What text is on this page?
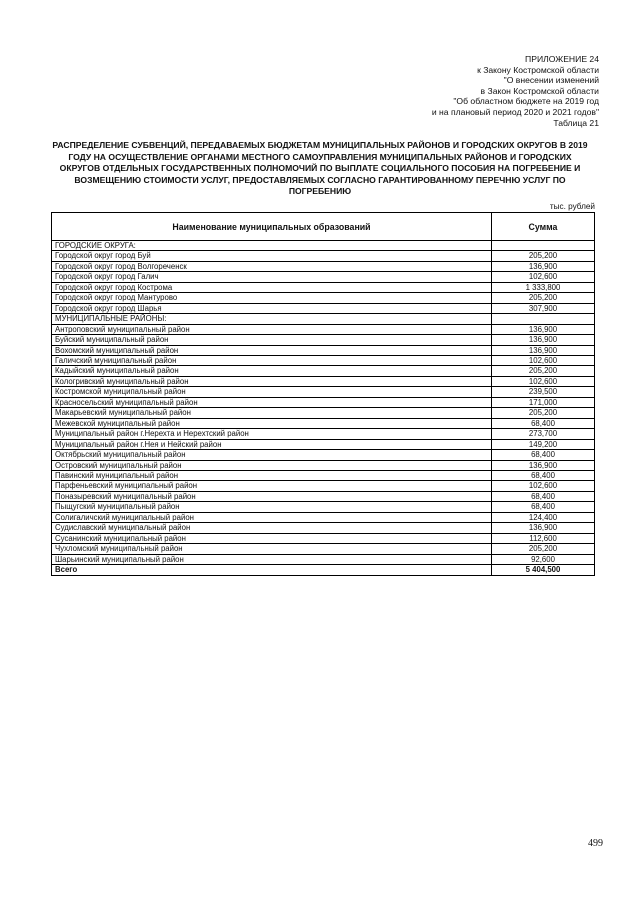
ПРИЛОЖЕНИЕ 24
к Закону Костромской области
"О внесении изменений
в Закон Костромской области
"Об областном бюджете на 2019 год
и на плановый период 2020 и 2021 годов"
Таблица 21
РАСПРЕДЕЛЕНИЕ СУБВЕНЦИЙ, ПЕРЕДАВАЕМЫХ БЮДЖЕТАМ МУНИЦИПАЛЬНЫХ РАЙОНОВ И ГОРОДСКИХ ОКРУГОВ В 2019 ГОДУ НА ОСУЩЕСТВЛЕНИЕ ОРГАНАМИ МЕСТНОГО САМОУПРАВЛЕНИЯ МУНИЦИПАЛЬНЫХ РАЙОНОВ И ГОРОДСКИХ ОКРУГОВ ОТДЕЛЬНЫХ ГОСУДАРСТВЕННЫХ ПОЛНОМОЧИЙ ПО ВЫПЛАТЕ СОЦИАЛЬНОГО ПОСОБИЯ НА ПОГРЕБЕНИЕ И ВОЗМЕЩЕНИЮ СТОИМОСТИ УСЛУГ, ПРЕДОСТАВЛЯЕМЫХ СОГЛАСНО ГАРАНТИРОВАННОМУ ПЕРЕЧНЮ УСЛУГ ПО ПОГРЕБЕНИЮ
тыс. рублей
Наименование муниципальных образований	Сумма
ГОРОДСКИЕ ОКРУГА:	
Городской округ город Буй	205,200
Городской округ город Волгореченск	136,900
Городской округ город Галич	102,600
Городской округ город Кострома	1 333,800
Городской округ город Мантурово	205,200
Городской округ город Шарья	307,900
МУНИЦИПАЛЬНЫЕ РАЙОНЫ:	
Антроповский муниципальный район	136,900
Буйский муниципальный район	136,900
Вохомский муниципальный район	136,900
Галичский муниципальный район	102,600
Кадыйский муниципальный район	205,200
Кологривский муниципальный район	102,600
Костромской муниципальный район	239,500
Красносельский муниципальный район	171,000
Макарьевский муниципальный район	205,200
Межевской муниципальный район	68,400
Муниципальный район г.Нерехта и Нерехтский район	273,700
Муниципальный район г.Нея и Нейский район	149,200
Октябрьский муниципальный район	68,400
Островский муниципальный район	136,900
Павинский муниципальный район	68,400
Парфеньевский муниципальный район	102,600
Поназыревский муниципальный район	68,400
Пыщугский муниципальный район	68,400
Солигаличский муниципальный район	124,400
Судиславский муниципальный район	136,900
Сусанинский муниципальный район	112,600
Чухломский муниципальный район	205,200
Шарьинский муниципальный район	92,600
Всего	5 404,500
499
